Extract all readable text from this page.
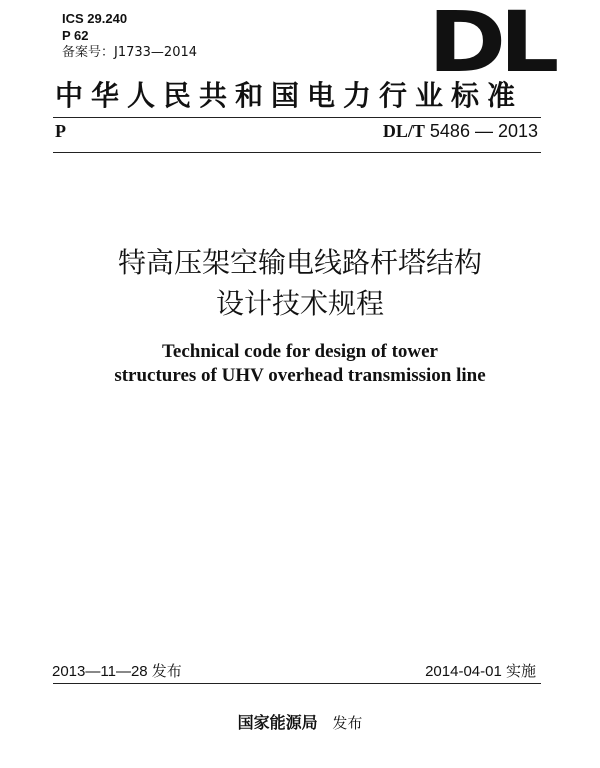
ICS 29.240
P 62
备案号：J1733—2014	DL
中华人民共和国电力行业标准
P	DL/T 5486 — 2013
特高压架空输电线路杆塔结构
设计技术规程
Technical code for design of tower
structures of UHV overhead transmission line
2013—11—28 发布	2014-04-01 实施
国家能源局 发布
